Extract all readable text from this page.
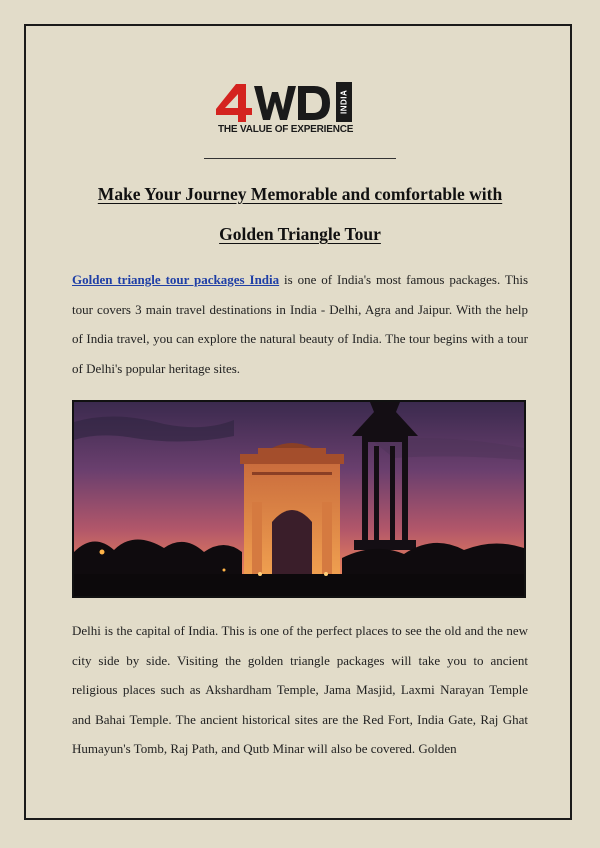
INDIA
THE VALUE OF EXPERIENCE
Make Your Journey Memorable and comfortable with
Golden Triangle Tour
Golden triangle tour packages India is one of India's most famous packages. This tour covers 3 main travel destinations in India - Delhi, Agra and Jaipur. With the help of India travel, you can explore the natural beauty of India. The tour begins with a tour of Delhi's popular heritage sites.
Delhi is the capital of India. This is one of the perfect places to see the old and the new city side by side. Visiting the golden triangle packages will take you to ancient religious places such as Akshardham Temple, Jama Masjid, Laxmi Narayan Temple and Bahai Temple. The ancient historical sites are the Red Fort, India Gate, Raj Ghat Humayun's Tomb, Raj Path, and Qutb Minar will also be covered. Golden
